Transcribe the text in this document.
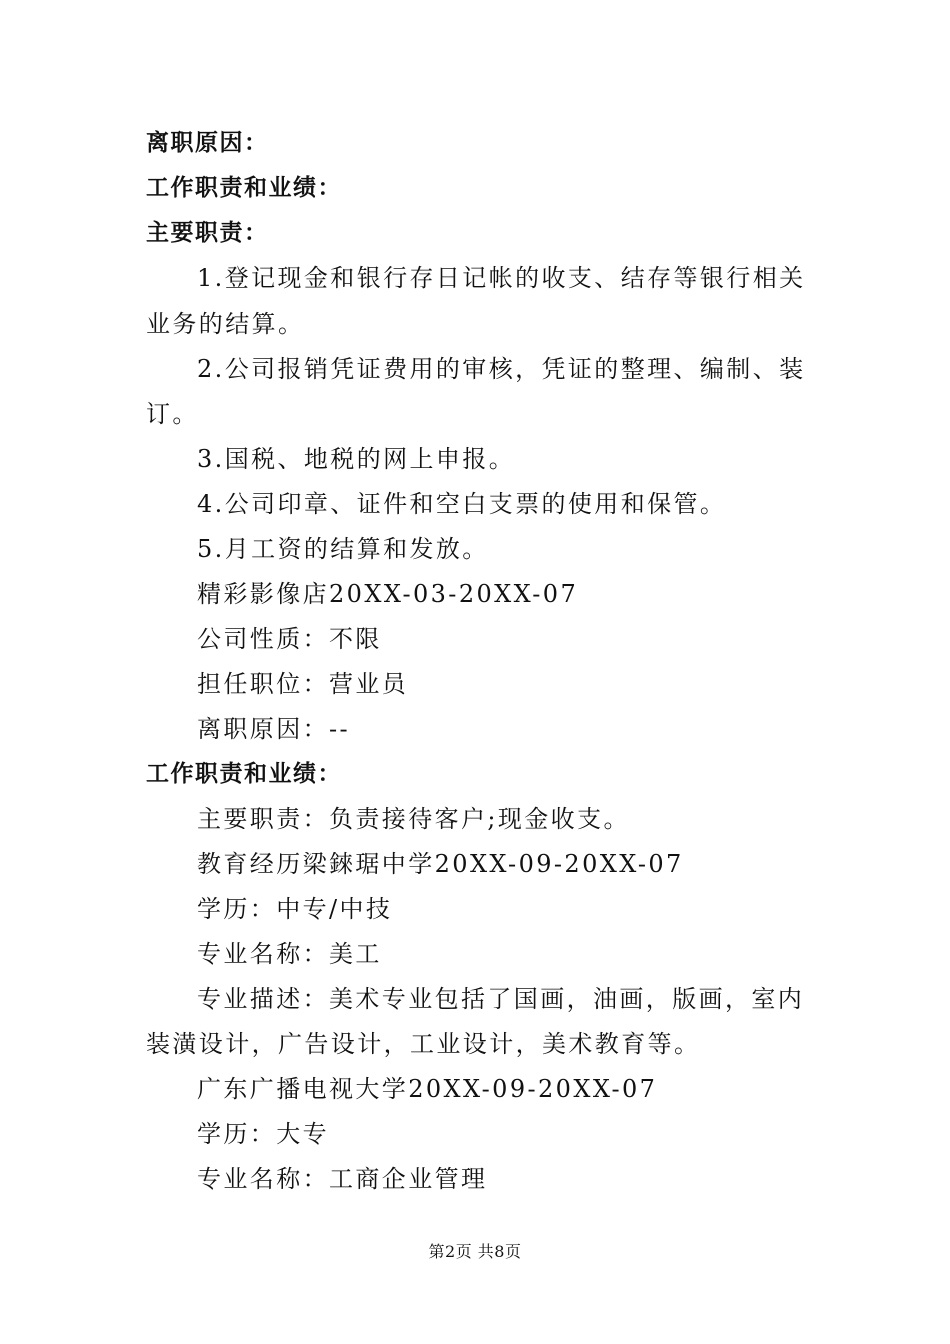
离职原因：
工作职责和业绩：
主要职责：
1.登记现金和银行存日记帐的收支、结存等银行相关
业务的结算。
2.公司报销凭证费用的审核，凭证的整理、编制、装
订。
3.国税、地税的网上申报。
4.公司印章、证件和空白支票的使用和保管。
5.月工资的结算和发放。
精彩影像店20XX-03-20XX-07
公司性质：不限
担任职位：营业员
离职原因：--
工作职责和业绩：
主要职责：负责接待客户;现金收支。
教育经历梁錸琚中学20XX-09-20XX-07
学历：中专/中技
专业名称：美工
专业描述：美术专业包括了国画，油画，版画，室内
装潢设计，广告设计，工业设计，美术教育等。
广东广播电视大学20XX-09-20XX-07
学历：大专
专业名称：工商企业管理
第2页 共8页
